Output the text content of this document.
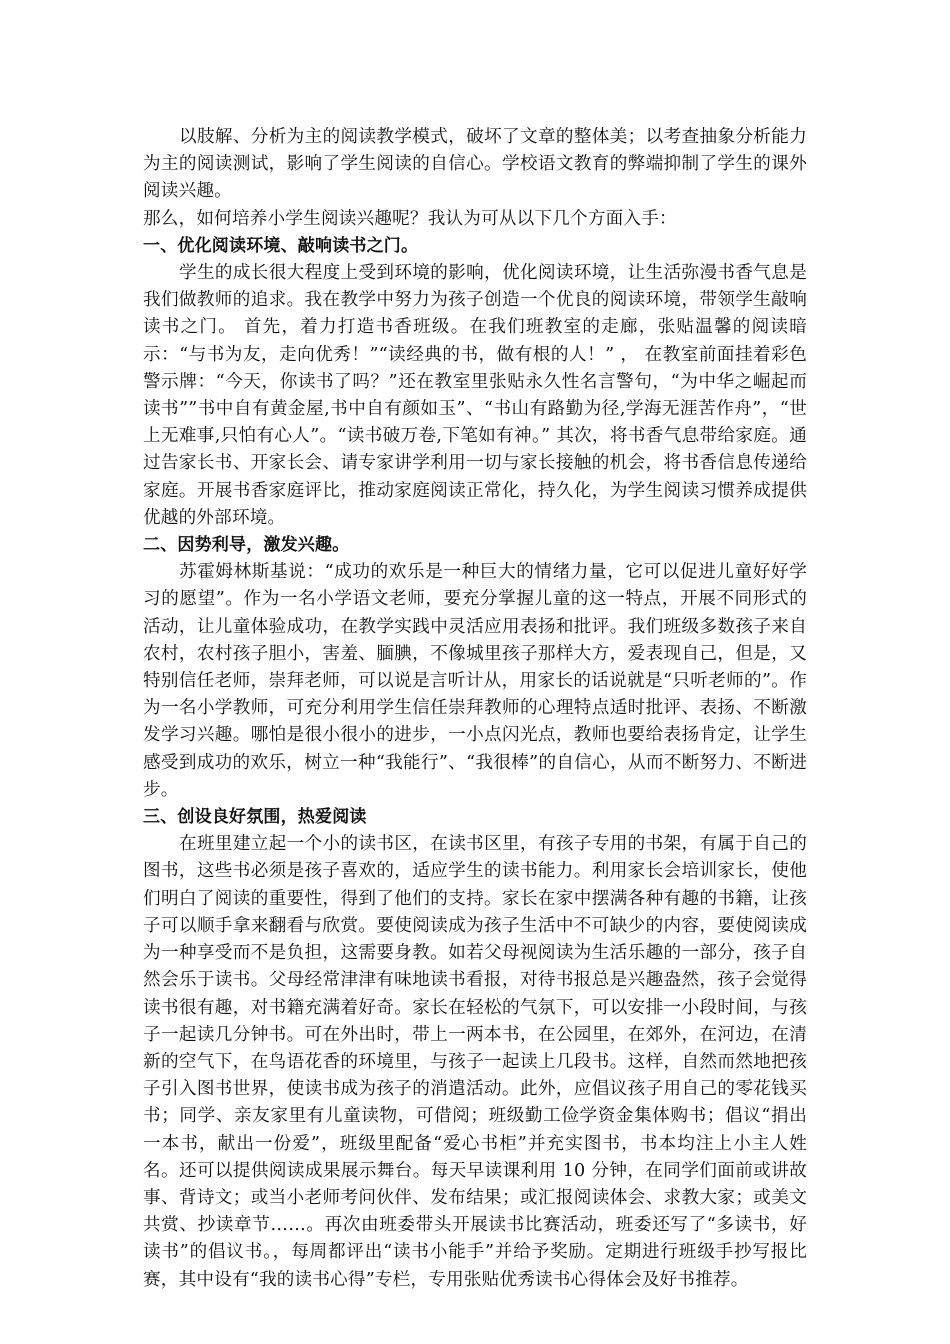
以肢解、分析为主的阅读教学模式，破坏了文章的整体美；以考查抽象分析能力为主的阅读测试，影响了学生阅读的自信心。学校语文教育的弊端抑制了学生的课外阅读兴趣。

那么，如何培养小学生阅读兴趣呢？我认为可从以下几个方面入手：

一、优化阅读环境、敲响读书之门。

学生的成长很大程度上受到环境的影响，优化阅读环境，让生活弥漫书香气息是我们做教师的追求。我在教学中努力为孩子创造一个优良的阅读环境，带领学生敲响读书之门。 首先，着力打造书香班级。在我们班教室的走廊，张贴温馨的阅读暗示：“与书为友，走向优秀！”“读经典的书，做有根的人！” ， 在教室前面挂着彩色警示牌：“今天，你读书了吗？”还在教室里张贴永久性名言警句，“为中华之崛起而读书””书中自有黄金屋,书中自有颜如玉”、“书山有路勤为径,学海无涯苦作舟”，“世上无难事,只怕有心人”。“读书破万卷,下笔如有神。” 其次，将书香气息带给家庭。通过告家长书、开家长会、请专家讲学利用一切与家长接触的机会，将书香信息传递给家庭。开展书香家庭评比，推动家庭阅读正常化，持久化，为学生阅读习惯养成提供优越的外部环境。

二、因势利导，激发兴趣。

苏霍姆林斯基说：“成功的欢乐是一种巨大的情绪力量，它可以促进儿童好好学习的愿望”。作为一名小学语文老师，要充分掌握儿童的这一特点，开展不同形式的活动，让儿童体验成功，在教学实践中灵活应用表扬和批评。我们班级多数孩子来自农村，农村孩子胆小，害羞、腼腆，不像城里孩子那样大方，爱表现自己，但是，又特别信任老师，崇拜老师，可以说是言听计从，用家长的话说就是“只听老师的”。作为一名小学教师，可充分利用学生信任崇拜教师的心理特点适时批评、表扬、不断激发学习兴趣。哪怕是很小很小的进步，一小点闪光点，教师也要给表扬肯定，让学生感受到成功的欢乐，树立一种“我能行”、“我很棒”的自信心，从而不断努力、不断进步。

三、创设良好氛围，热爱阅读

在班里建立起一个小的读书区，在读书区里，有孩子专用的书架，有属于自己的图书，这些书必须是孩子喜欢的，适应学生的读书能力。利用家长会培训家长，使他们明白了阅读的重要性，得到了他们的支持。家长在家中摆满各种有趣的书籍，让孩子可以顺手拿来翻看与欣赏。要使阅读成为孩子生活中不可缺少的内容，要使阅读成为一种享受而不是负担，这需要身教。如若父母视阅读为生活乐趣的一部分，孩子自然会乐于读书。父母经常津津有味地读书看报，对待书报总是兴趣盎然，孩子会觉得读书很有趣，对书籍充满着好奇。家长在轻松的气氛下，可以安排一小段时间，与孩子一起读几分钟书。可在外出时，带上一两本书，在公园里，在郊外，在河边，在清新的空气下，在鸟语花香的环境里，与孩子一起读上几段书。这样，自然而然地把孩子引入图书世界，使读书成为孩子的消遣活动。此外，应倡议孩子用自己的零花钱买书；同学、亲友家里有儿童读物，可借阅；班级勤工俭学资金集体购书；倡议“捐出一本书，献出一份爱”，班级里配备“爱心书柜”并充实图书，书本均注上小主人姓名。还可以提供阅读成果展示舞台。每天早读课利用 10 分钟，在同学们面前或讲故事、背诗文；或当小老师考问伙伴、发布结果；或汇报阅读体会、求教大家；或美文共赏、抄读章节……。再次由班委带头开展读书比赛活动，班委还写了“多读书，好读书”的倡议书。，每周都评出“读书小能手”并给予奖励。定期进行班级手抄写报比赛，其中设有“我的读书心得”专栏，专用张贴优秀读书心得体会及好书推荐。
